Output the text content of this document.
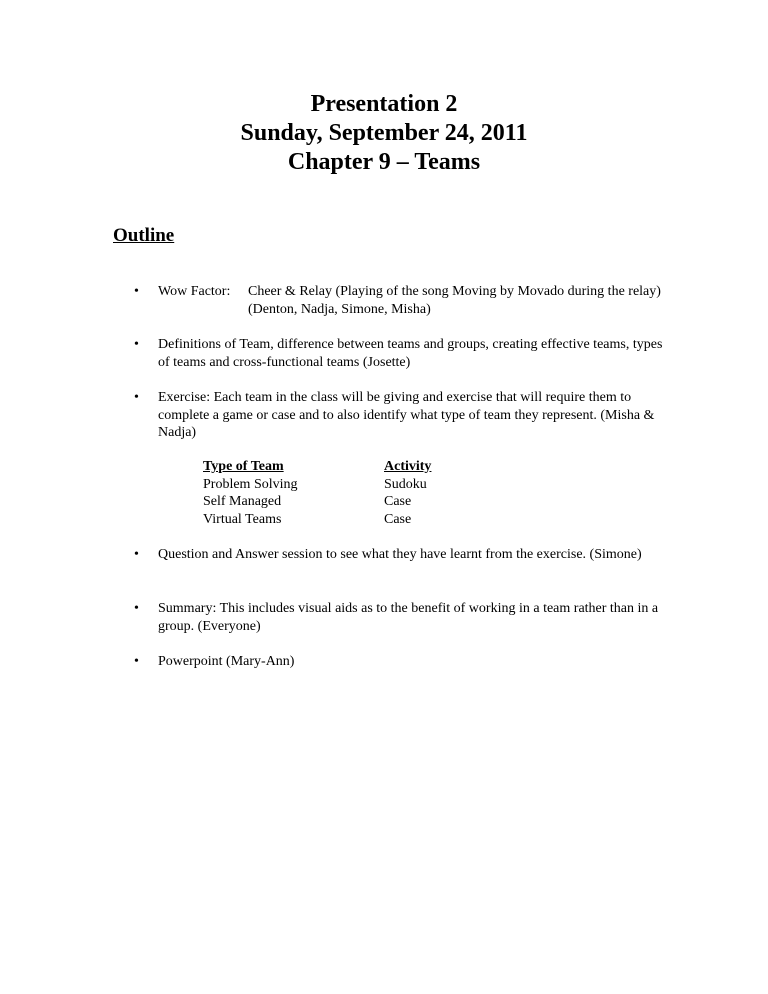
Presentation 2
Sunday, September 24, 2011
Chapter 9 – Teams
Outline
• Wow Factor: Cheer & Relay (Playing of the song Moving by Movado during the relay) (Denton, Nadja, Simone, Misha)
• Definitions of Team, difference between teams and groups, creating effective teams, types of teams and cross-functional teams (Josette)
• Exercise: Each team in the class will be giving and exercise that will require them to complete a game or case and to also identify what type of team they represent. (Misha & Nadja)
Type of Team	Activity
Problem Solving	Sudoku
Self Managed	Case
Virtual Teams	Case
• Question and Answer session to see what they have learnt from the exercise. (Simone)
• Summary: This includes visual aids as to the benefit of working in a team rather than in a group. (Everyone)
• Powerpoint (Mary-Ann)
